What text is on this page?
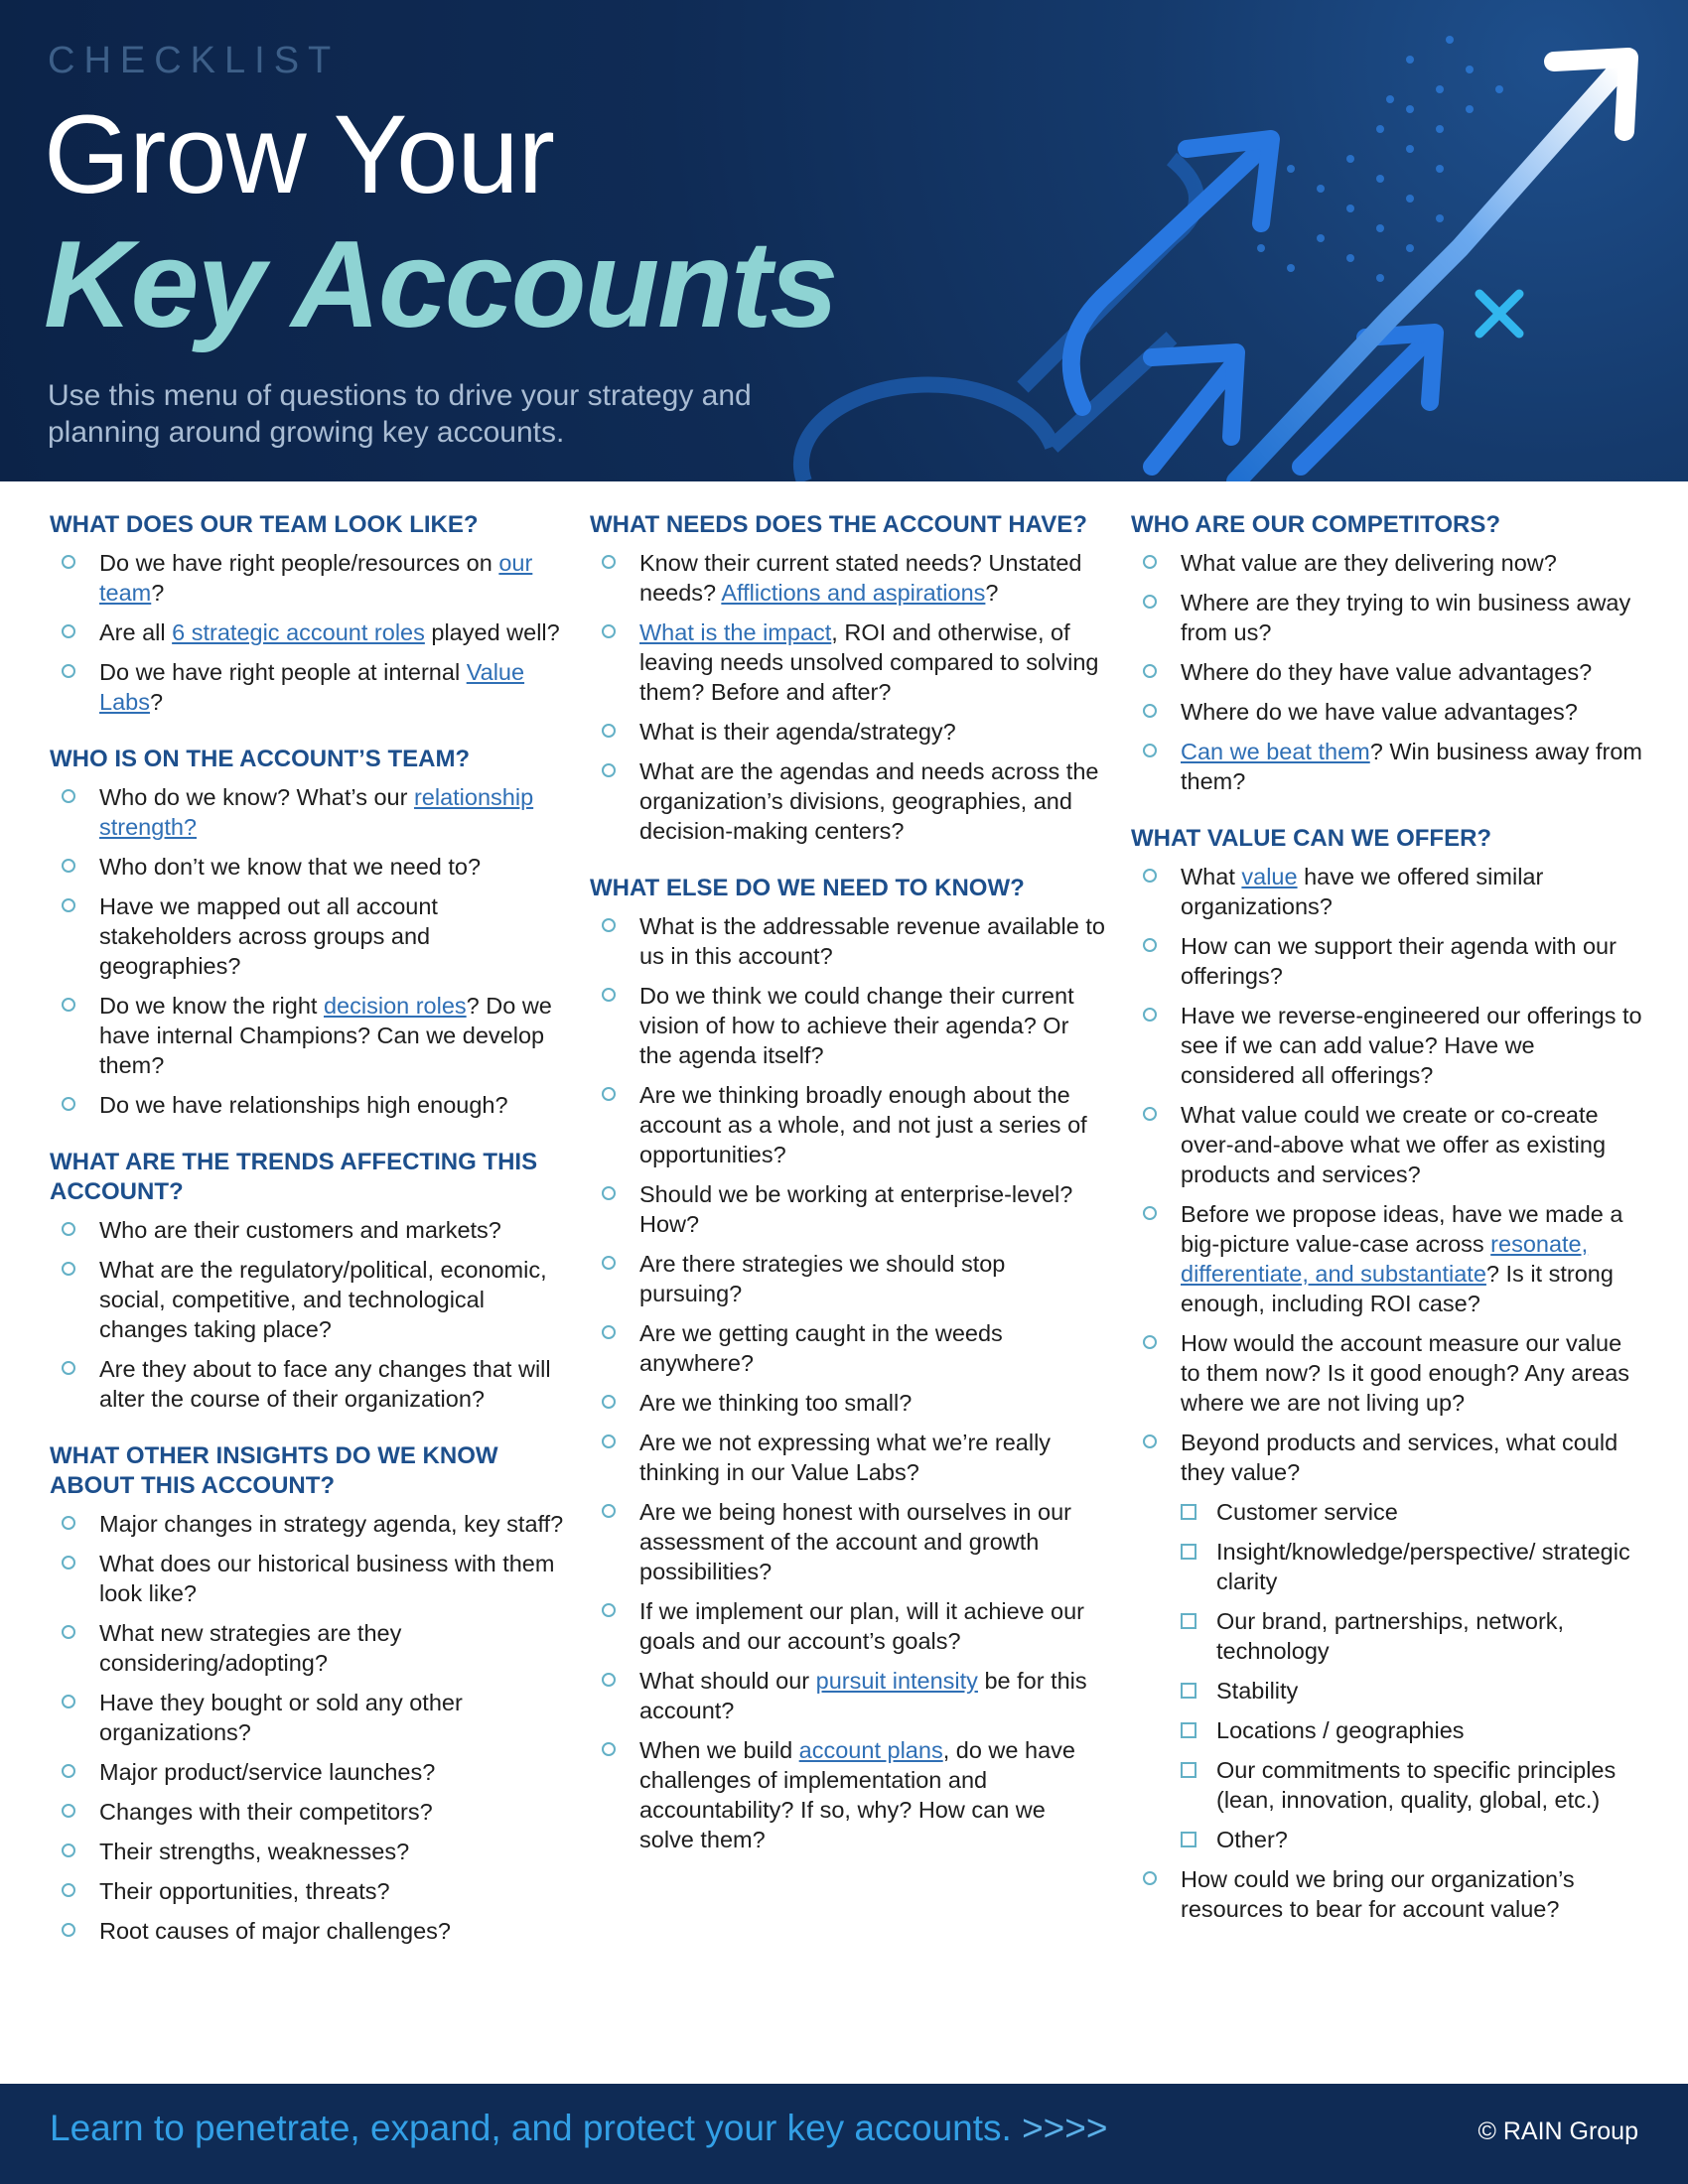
CHECKLIST
Grow Your
Key Accounts
Use this menu of questions to drive your strategy and planning around growing key accounts.
WHAT DOES OUR TEAM LOOK LIKE?
Do we have right people/resources on our team?
Are all 6 strategic account roles played well?
Do we have right people at internal Value Labs?
WHO IS ON THE ACCOUNT’S TEAM?
Who do we know? What’s our relationship strength?
Who don’t we know that we need to?
Have we mapped out all account stakeholders across groups and geographies?
Do we know the right decision roles? Do we have internal Champions? Can we develop them?
Do we have relationships high enough?
WHAT ARE THE TRENDS AFFECTING THIS ACCOUNT?
Who are their customers and markets?
What are the regulatory/political, economic, social, competitive, and technological changes taking place?
Are they about to face any changes that will alter the course of their organization?
WHAT OTHER INSIGHTS DO WE KNOW ABOUT THIS ACCOUNT?
Major changes in strategy agenda, key staff?
What does our historical business with them look like?
What new strategies are they considering/adopting?
Have they bought or sold any other organizations?
Major product/service launches?
Changes with their competitors?
Their strengths, weaknesses?
Their opportunities, threats?
Root causes of major challenges?
WHAT NEEDS DOES THE ACCOUNT HAVE?
Know their current stated needs? Unstated needs? Afflictions and aspirations?
What is the impact, ROI and otherwise, of leaving needs unsolved compared to solving them? Before and after?
What is their agenda/strategy?
What are the agendas and needs across the organization’s divisions, geographies, and decision-making centers?
WHAT ELSE DO WE NEED TO KNOW?
What is the addressable revenue available to us in this account?
Do we think we could change their current vision of how to achieve their agenda? Or the agenda itself?
Are we thinking broadly enough about the account as a whole, and not just a series of opportunities?
Should we be working at enterprise-level? How?
Are there strategies we should stop pursuing?
Are we getting caught in the weeds anywhere?
Are we thinking too small?
Are we not expressing what we’re really thinking in our Value Labs?
Are we being honest with ourselves in our assessment of the account and growth possibilities?
If we implement our plan, will it achieve our goals and our account’s goals?
What should our pursuit intensity be for this account?
When we build account plans, do we have challenges of implementation and accountability? If so, why? How can we solve them?
WHO ARE OUR COMPETITORS?
What value are they delivering now?
Where are they trying to win business away from us?
Where do they have value advantages?
Where do we have value advantages?
Can we beat them? Win business away from them?
WHAT VALUE CAN WE OFFER?
What value have we offered similar organizations?
How can we support their agenda with our offerings?
Have we reverse-engineered our offerings to see if we can add value? Have we considered all offerings?
What value could we create or co-create over-and-above what we offer as existing products and services?
Before we propose ideas, have we made a big-picture value-case across resonate, differentiate, and substantiate? Is it strong enough, including ROI case?
How would the account measure our value to them now? Is it good enough? Any areas where we are not living up?
Beyond products and services, what could they value?
Customer service
Insight/knowledge/perspective/ strategic clarity
Our brand, partnerships, network, technology
Stability
Locations / geographies
Our commitments to specific principles (lean, innovation, quality, global, etc.)
Other?
How could we bring our organization’s resources to bear for account value?
Learn to penetrate, expand, and protect your key accounts. >>>>	© RAIN Group
